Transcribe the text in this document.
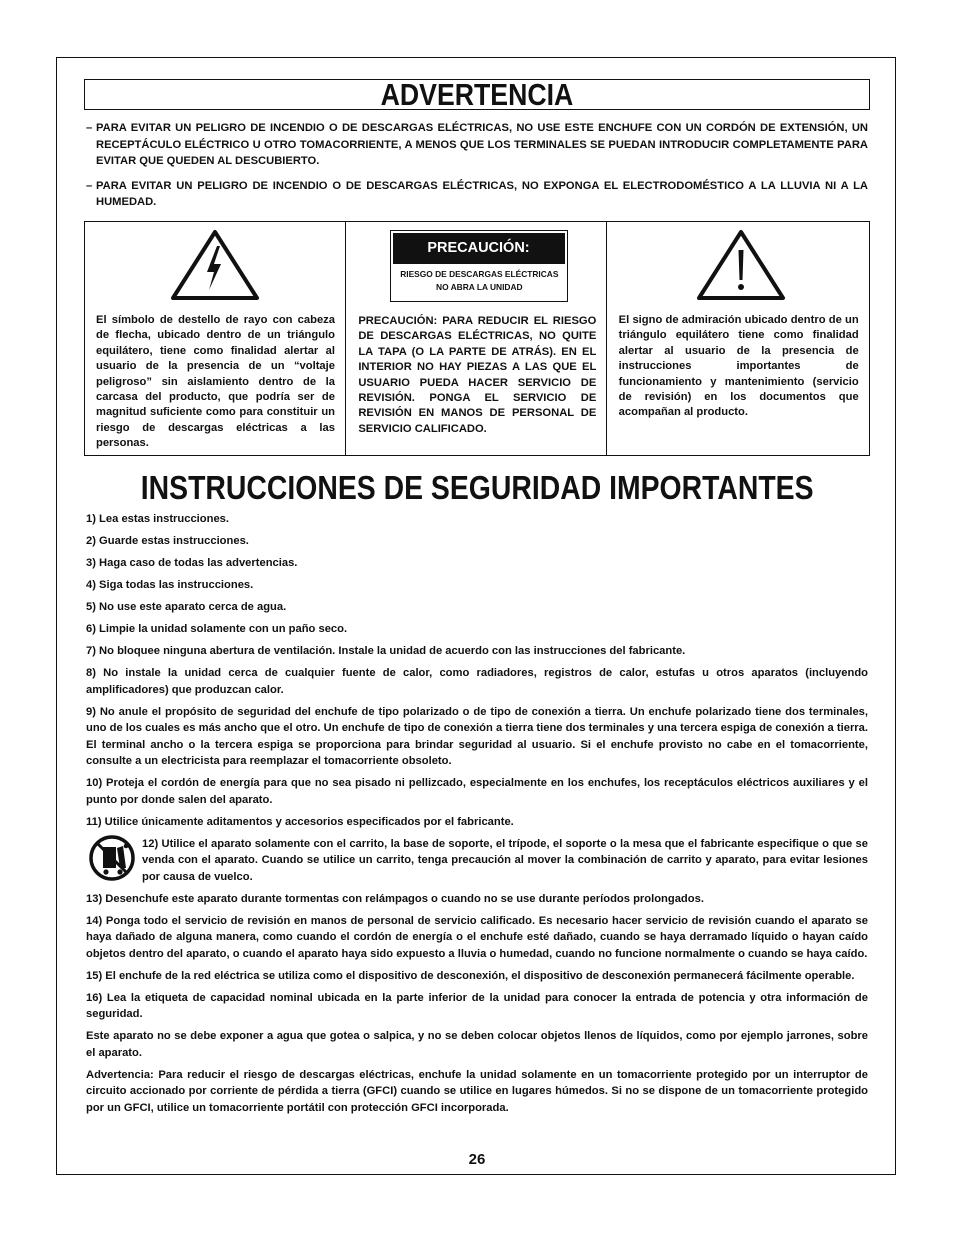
ADVERTENCIA
– PARA EVITAR UN PELIGRO DE INCENDIO O DE DESCARGAS ELÉCTRICAS, NO USE ESTE ENCHUFE CON UN CORDÓN DE EXTENSIÓN, UN RECEPTÁCULO ELÉCTRICO U OTRO TOMACORRIENTE, A MENOS QUE LOS TERMINALES SE PUEDAN INTRODUCIR COMPLETAMENTE PARA EVITAR QUE QUEDEN AL DESCUBIERTO.
– PARA EVITAR UN PELIGRO DE INCENDIO O DE DESCARGAS ELÉCTRICAS, NO EXPONGA EL ELECTRODOMÉSTICO A LA LLUVIA NI A LA HUMEDAD.
El símbolo de destello de rayo con cabeza de flecha, ubicado dentro de un triángulo equilátero, tiene como finalidad alertar al usuario de la presencia de un “voltaje peligroso” sin aislamiento dentro de la carcasa del producto, que podría ser de magnitud suficiente como para constituir un riesgo de descargas eléctricas a las personas.
PRECAUCIÓN:
RIESGO DE DESCARGAS ELÉCTRICAS
NO ABRA LA UNIDAD
PRECAUCIÓN: PARA REDUCIR EL RIESGO DE DESCARGAS ELÉCTRICAS, NO QUITE LA TAPA (O LA PARTE DE ATRÁS). EN EL INTERIOR NO HAY PIEZAS A LAS QUE EL USUARIO PUEDA HACER SERVICIO DE REVISIÓN. PONGA EL SERVICIO DE REVISIÓN EN MANOS DE PERSONAL DE SERVICIO CALIFICADO.
El signo de admiración ubicado dentro de un triángulo equilátero tiene como finalidad alertar al usuario de la presencia de instrucciones importantes de funcionamiento y mantenimiento (servicio de revisión) en los documentos que acompañan al producto.
INSTRUCCIONES DE SEGURIDAD IMPORTANTES

1) Lea estas instrucciones.

2) Guarde estas instrucciones.

3) Haga caso de todas las advertencias.

4) Siga todas las instrucciones.

5) No use este aparato cerca de agua.

6) Limpie la unidad solamente con un paño seco.

7) No bloquee ninguna abertura de ventilación. Instale la unidad de acuerdo con las instrucciones del fabricante.

8) No instale la unidad cerca de cualquier fuente de calor, como radiadores, registros de calor, estufas u otros aparatos (incluyendo amplificadores) que produzcan calor.

9) No anule el propósito de seguridad del enchufe de tipo polarizado o de tipo de conexión a tierra. Un enchufe polarizado tiene dos terminales, uno de los cuales es más ancho que el otro. Un enchufe de tipo de conexión a tierra tiene dos terminales y una tercera espiga de conexión a tierra. El terminal ancho o la tercera espiga se proporciona para brindar seguridad al usuario. Si el enchufe provisto no cabe en el tomacorriente, consulte a un electricista para reemplazar el tomacorriente obsoleto.

10) Proteja el cordón de energía para que no sea pisado ni pellizcado, especialmente en los enchufes, los receptáculos eléctricos auxiliares y el punto por donde salen del aparato.

11) Utilice únicamente aditamentos y accesorios especificados por el fabricante.

12) Utilice el aparato solamente con el carrito, la base de soporte, el trípode, el soporte o la mesa que el fabricante especifique o que se venda con el aparato. Cuando se utilice un carrito, tenga precaución al mover la combinación de carrito y aparato, para evitar lesiones por causa de vuelco.

13) Desenchufe este aparato durante tormentas con relámpagos o cuando no se use durante períodos prolongados.

14) Ponga todo el servicio de revisión en manos de personal de servicio calificado. Es necesario hacer servicio de revisión cuando el aparato se haya dañado de alguna manera, como cuando el cordón de energía o el enchufe esté dañado, cuando se haya derramado líquido o hayan caído objetos dentro del aparato, o cuando el aparato haya sido expuesto a lluvia o humedad, cuando no funcione normalmente o cuando se haya caído.

15) El enchufe de la red eléctrica se utiliza como el dispositivo de desconexión, el dispositivo de desconexión permanecerá fácilmente operable.

16) Lea la etiqueta de capacidad nominal ubicada en la parte inferior de la unidad para conocer la entrada de potencia y otra información de seguridad.

Este aparato no se debe exponer a agua que gotea o salpica, y no se deben colocar objetos llenos de líquidos, como por ejemplo jarrones, sobre el aparato.

Advertencia: Para reducir el riesgo de descargas eléctricas, enchufe la unidad solamente en un tomacorriente protegido por un interruptor de circuito accionado por corriente de pérdida a tierra (GFCI) cuando se utilice en lugares húmedos. Si no se dispone de un tomacorriente protegido por un GFCI, utilice un tomacorriente portátil con protección GFCI incorporada.

26
